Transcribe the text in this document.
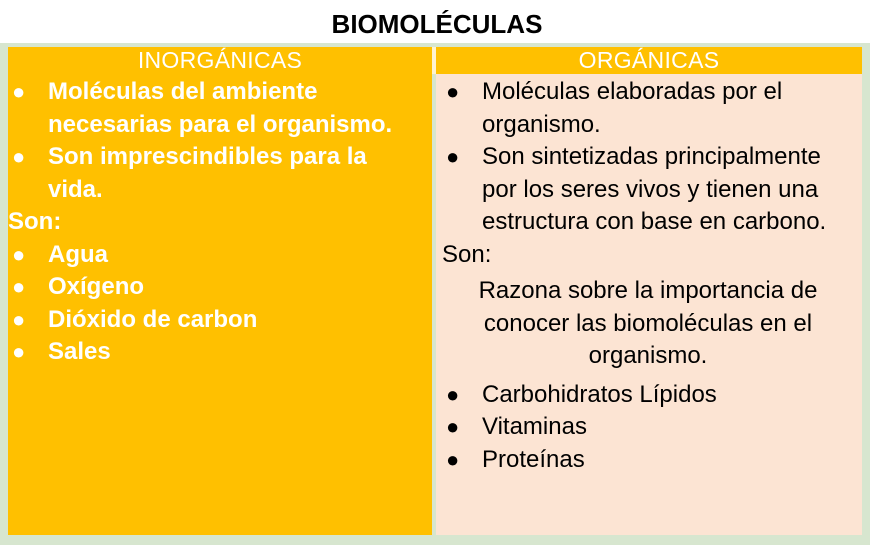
BIOMOLÉCULAS
INORGÁNICAS	ORGÁNICAS
● Moléculas del ambiente necesarias para el organismo.
● Son imprescindibles para la vida.

Son:

● Agua
● Oxígeno
● Dióxido de carbon
● Sales
● Moléculas elaboradas por el organismo.
● Son sintetizadas principalmente por los seres vivos y tienen una estructura con base en carbono.

Son:

Razona sobre la importancia de conocer las biomoléculas en el organismo.

● Carbohidratos Lípidos
● Vitaminas
● Proteínas
